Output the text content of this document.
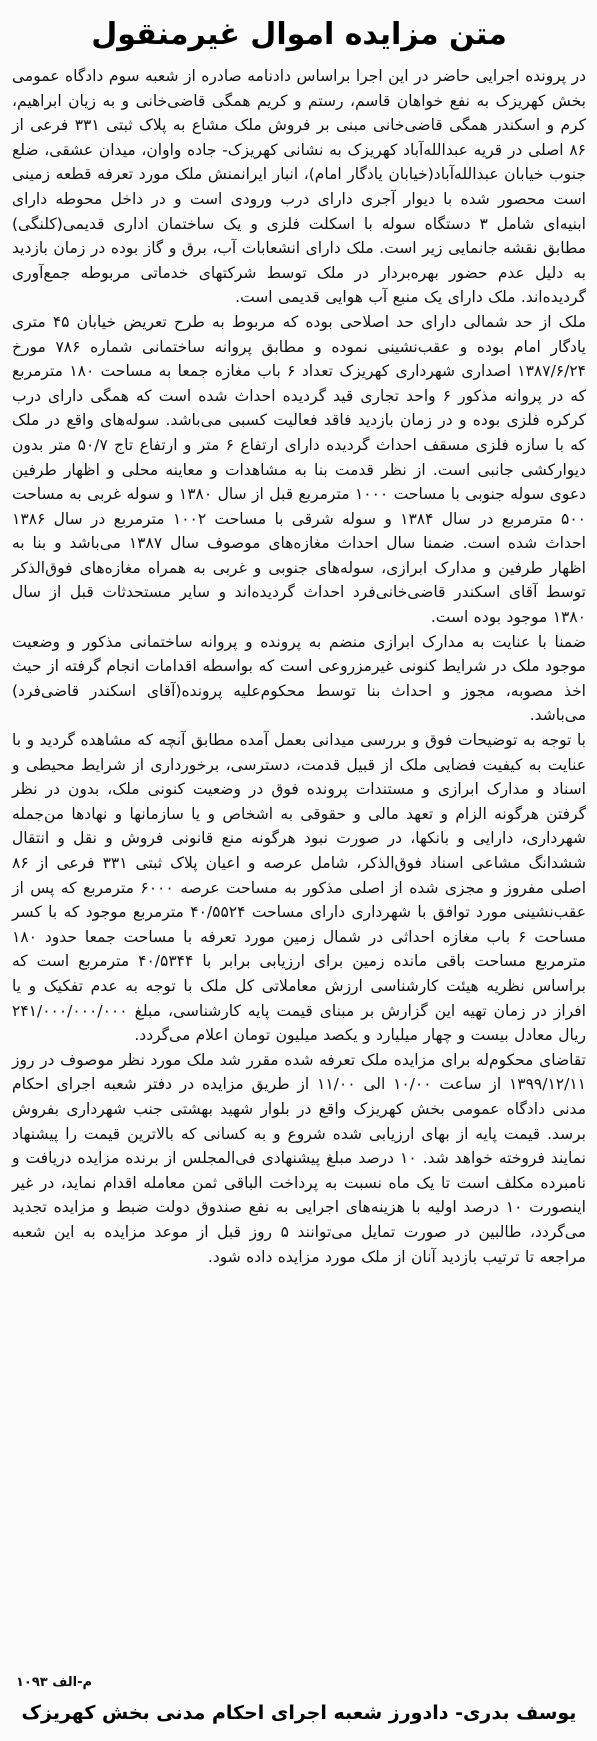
متن مزایده اموال غیرمنقول

در پرونده اجرایی حاضر در این اجرا براساس دادنامه صادره از شعبه سوم دادگاه عمومی بخش کهریزک به نفع خواهان قاسم، رستم و کریم همگی قاضی‌خانی و به زیان ابراهیم، کرم و اسکندر همگی قاضی‌خانی مبنی بر فروش ملک مشاع به پلاک ثبتی ۳۳۱ فرعی از ۸۶ اصلی در قریه عبدالله‌آباد کهریزک به نشانی کهریزک- جاده واوان، میدان عشقی، ضلع جنوب خیابان عبدالله‌آباد(خیابان یادگار امام)، انبار ایرانمنش ملک مورد تعرفه قطعه زمینی است محصور شده با دیوار آجری دارای درب ورودی است و در داخل محوطه دارای ابنیه‌ای شامل ۳ دستگاه سوله با اسکلت فلزی و یک ساختمان اداری قدیمی(کلنگی) مطابق نقشه جانمایی زیر است. ملک دارای انشعابات آب، برق و گاز بوده در زمان بازدید به دلیل عدم حضور بهره‌بردار در ملک توسط شرکتهای خدماتی مربوطه جمع‌آوری گردیده‌اند. ملک دارای یک منبع آب هوایی قدیمی است.

ملک از حد شمالی دارای حد اصلاحی بوده که مربوط به طرح تعریض خیابان ۴۵ متری یادگار امام بوده و عقب‌نشینی نموده و مطابق پروانه ساختمانی شماره ۷۸۶ مورخ ۱۳۸۷/۶/۲۴ اصداری شهرداری کهریزک تعداد ۶ باب مغازه جمعا به مساحت ۱۸۰ مترمربع که در پروانه مذکور ۶ واحد تجاری قید گردیده احداث شده است که همگی دارای درب کرکره فلزی بوده و در زمان بازدید فاقد فعالیت کسبی می‌باشد. سوله‌های واقع در ملک که با سازه فلزی مسقف احداث گردیده دارای ارتفاع ۶ متر و ارتفاع تاج ۵۰/۷ متر بدون دیوارکشی جانبی است. از نظر قدمت بنا به مشاهدات و معاینه محلی و اظهار طرفین دعوی سوله جنوبی با مساحت ۱۰۰۰ مترمربع قبل از سال ۱۳۸۰ و سوله غربی به مساحت ۵۰۰ مترمربع در سال ۱۳۸۴ و سوله شرقی با مساحت ۱۰۰۲ مترمربع در سال ۱۳۸۶ احداث شده است. ضمنا سال احداث مغازه‌های موصوف سال ۱۳۸۷ می‌باشد و بنا به اظهار طرفین و مدارک ابرازی، سوله‌های جنوبی و غربی به همراه مغازه‌های فوق‌الذکر توسط آقای اسکندر قاضی‌خانی‌فرد احداث گردیده‌اند و سایر مستحدثات قبل از سال ۱۳۸۰ موجود بوده است.

ضمنا با عنایت به مدارک ابرازی منضم به پرونده و پروانه ساختمانی مذکور و وضعیت موجود ملک در شرایط کنونی غیرمزروعی است که بواسطه اقدامات انجام گرفته از حیث اخذ مصوبه، مجوز و احداث بنا توسط محکوم‌علیه پرونده(آقای اسکندر قاضی‌فرد) می‌باشد.

با توجه به توضیحات فوق و بررسی میدانی بعمل آمده مطابق آنچه که مشاهده گردید و با عنایت به کیفیت فضایی ملک از قبیل قدمت، دسترسی، برخورداری از شرایط محیطی و اسناد و مدارک ابرازی و مستندات پرونده فوق در وضعیت کنونی ملک، بدون در نظر گرفتن هرگونه الزام و تعهد مالی و حقوقی به اشخاص و یا سازمانها و نهادها من‌جمله شهرداری، دارایی و بانکها، در صورت نبود هرگونه منع قانونی فروش و نقل و انتقال ششدانگ مشاعی اسناد فوق‌الذکر، شامل عرصه و اعیان پلاک ثبتی ۳۳۱ فرعی از ۸۶ اصلی مفروز و مجزی شده از اصلی مذکور به مساحت عرصه ۶۰۰۰ مترمربع که پس از عقب‌نشینی مورد توافق با شهرداری دارای مساحت ۴۰/۵۵۲۴ مترمربع موجود که با کسر مساحت ۶ باب مغازه احداثی در شمال زمین مورد تعرفه با مساحت جمعا حدود ۱۸۰ مترمربع مساحت باقی مانده زمین برای ارزیابی برابر با ۴۰/۵۳۴۴ مترمربع است که براساس نظریه هیئت کارشناسی ارزش معاملاتی کل ملک با توجه به عدم تفکیک و یا افراز در زمان تهیه این گزارش بر مبنای قیمت پایه کارشناسی، مبلغ ۲۴۱/۰۰۰/۰۰۰/۰۰۰ ریال معادل بیست و چهار میلیارد و یکصد میلیون تومان اعلام می‌گردد.

تقاضای محکوم‌له برای مزایده ملک تعرفه شده مقرر شد ملک مورد نظر موصوف در روز ۱۳۹۹/۱۲/۱۱ از ساعت ۱۰/۰۰ الی ۱۱/۰۰ از طریق مزایده در دفتر شعبه اجرای احکام مدنی دادگاه عمومی بخش کهریزک واقع در بلوار شهید بهشتی جنب شهرداری بفروش برسد. قیمت پایه از بهای ارزیابی شده شروع و به کسانی که بالاترین قیمت را پیشنهاد نمایند فروخته خواهد شد. ۱۰ درصد مبلغ پیشنهادی فی‌المجلس از برنده مزایده دریافت و نامبرده مکلف است تا یک ماه نسبت به پرداخت الباقی ثمن معامله اقدام نماید، در غیر اینصورت ۱۰ درصد اولیه با هزینه‌های اجرایی به نفع صندوق دولت ضبط و مزایده تجدید می‌گردد، طالبین در صورت تمایل می‌توانند ۵ روز قبل از موعد مزایده به این شعبه مراجعه تا ترتیب بازدید آنان از ملک مورد مزایده داده شود.

م-الف ۱۰۹۳
یوسف بدری- دادورز شعبه اجرای احکام مدنی بخش کهریزک
